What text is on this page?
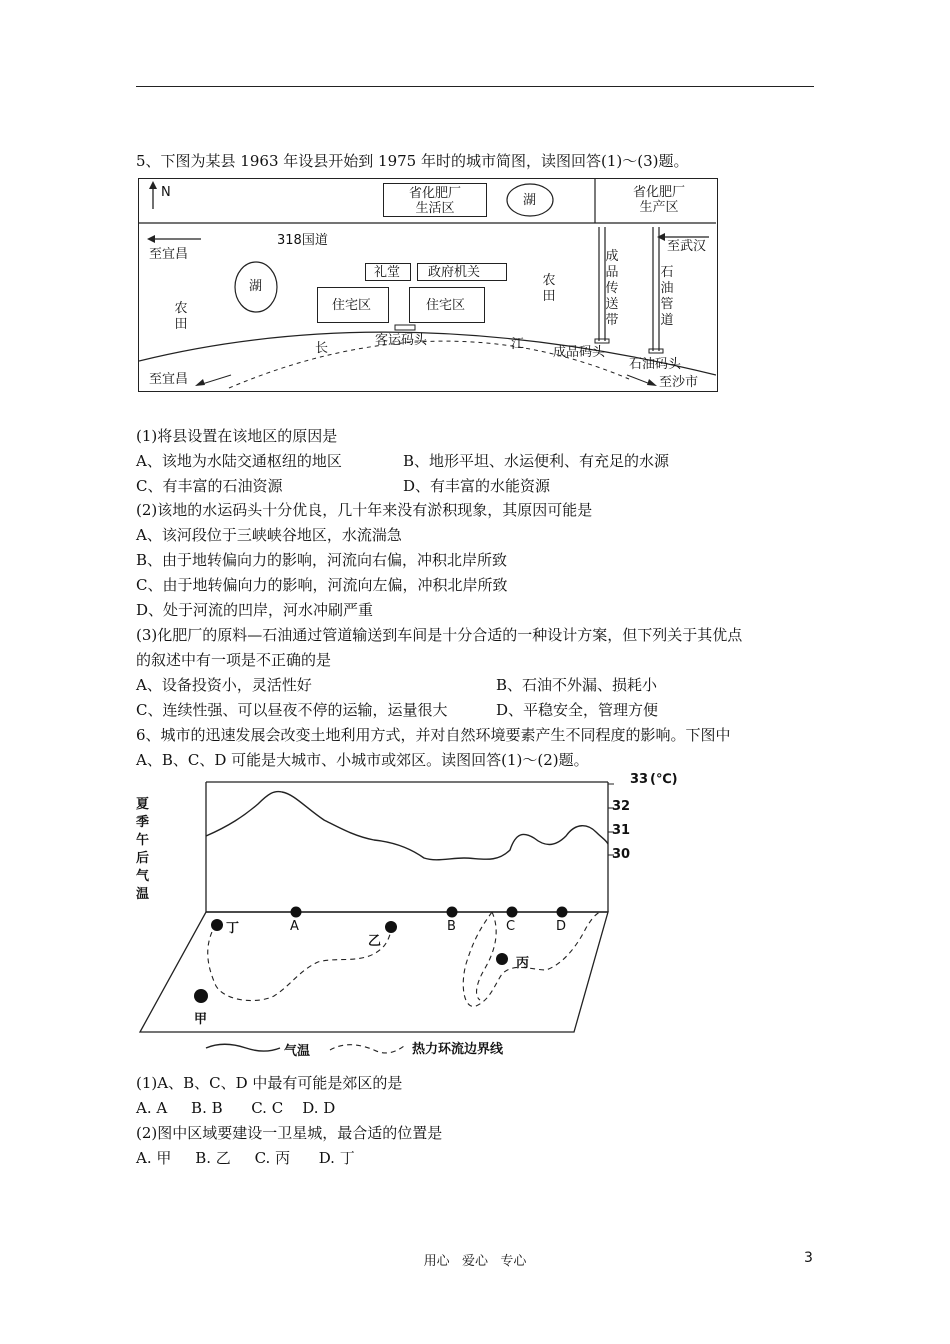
5、下图为某县 1963 年设县开始到 1975 年时的城市简图，读图回答(1)～(3)题。
N	省化肥厂
生活区
湖
省化肥厂
生产区
至宜昌
318国道	至武汉
礼堂 政府机关
湖
农田
农田
住宅区	住宅区
成品传送带
石油管道
长	江
客运码头
成品码头
石油码头
至宜昌	至沙市
(1)将县设置在该地区的原因是
A、该地为水陆交通枢纽的地区	B、地形平坦、水运便利、有充足的水源
C、有丰富的石油资源	D、有丰富的水能资源
(2)该地的水运码头十分优良，几十年来没有淤积现象，其原因可能是
A、该河段位于三峡峡谷地区，水流湍急
B、由于地转偏向力的影响，河流向右偏，冲积北岸所致
C、由于地转偏向力的影响，河流向左偏，冲积北岸所致
D、处于河流的凹岸，河水冲刷严重
(3)化肥厂的原料—石油通过管道输送到车间是十分合适的一种设计方案，但下列关于其优点
的叙述中有一项是不正确的是
A、设备投资小，灵活性好	B、石油不外漏、损耗小
C、连续性强、可以昼夜不停的运输，运量很大	D、平稳安全，管理方便
6、城市的迅速发展会改变土地利用方式，并对自然环境要素产生不同程度的影响。下图中
A、B、C、D 可能是大城市、小城市或郊区。读图回答(1)～(2)题。
夏季午后气温
33 (℃)
32
31
30
A	B	C	D
丁
乙
丙
甲
气温	热力环流边界线
(1)A、B、C、D 中最有可能是郊区的是
A. A     B. B      C. C    D. D
(2)图中区域要建设一卫星城，最合适的位置是
A. 甲     B. 乙     C. 丙      D. 丁
用心   爱心   专心	3
